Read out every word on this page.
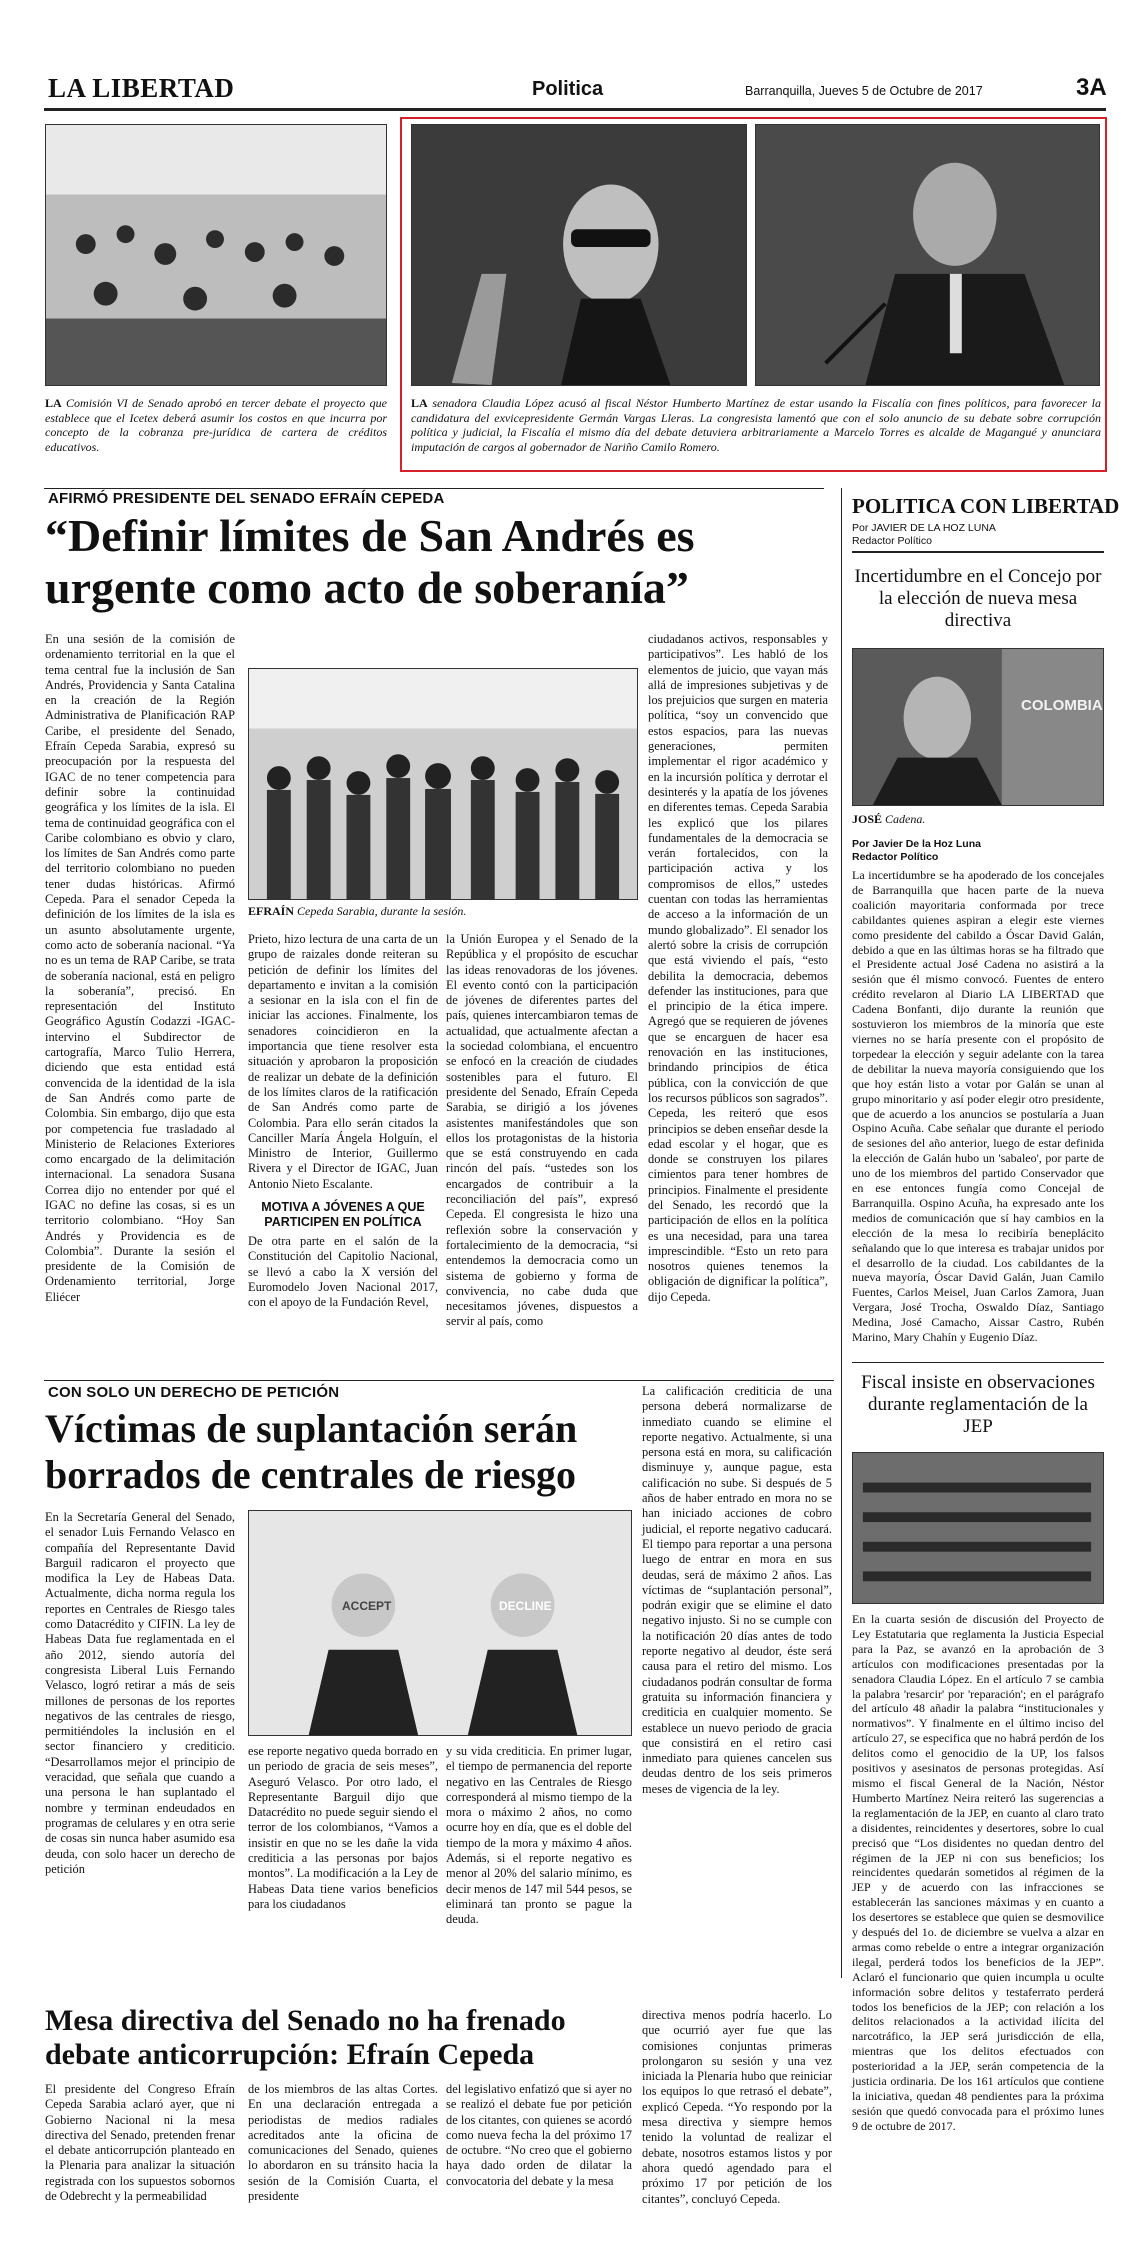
LA LIBERTAD	Politica	Barranquilla, Jueves 5 de Octubre de 2017	3A
LA Comisión VI de Senado aprobó en tercer debate el proyecto que establece que el Icetex deberá asumir los costos en que incurra por concepto de la cobranza pre-jurídica de cartera de créditos educativos.
LA senadora Claudia López acusó al fiscal Néstor Humberto Martínez de estar usando la Fiscalía con fines políticos, para favorecer la candidatura del exvicepresidente Germán Vargas Lleras. La congresista lamentó que con el solo anuncio de su debate sobre corrupción política y judicial, la Fiscalía el mismo día del debate detuviera arbitrariamente a Marcelo Torres es alcalde de Magangué y anunciara imputación de cargos al gobernador de Nariño Camilo Romero.
AFIRMÓ PRESIDENTE DEL SENADO EFRAÍN CEPEDA
“Definir límites de San Andrés es urgente como acto de soberanía”
En una sesión de la comisión de ordenamiento territorial en la que el tema central fue la inclusión de San Andrés, Providencia y Santa Catalina en la creación de la Región Administrativa de Planificación RAP Caribe, el presidente del Senado, Efraín Cepeda Sarabia, expresó su preocupación por la respuesta del IGAC de no tener competencia para definir sobre la continuidad geográfica y los límites de la isla. El tema de continuidad geográfica con el Caribe colombiano es obvio y claro, los límites de San Andrés como parte del territorio colombiano no pueden tener dudas históricas. Afirmó Cepeda. Para el senador Cepeda la definición de los límites de la isla es un asunto absolutamente urgente, como acto de soberanía nacional. “Ya no es un tema de RAP Caribe, se trata de soberanía nacional, está en peligro la soberanía”, precisó. En representación del Instituto Geográfico Agustín Codazzi -IGAC- intervino el Subdirector de cartografía, Marco Tulio Herrera, diciendo que esta entidad está convencida de la identidad de la isla de San Andrés como parte de Colombia. Sin embargo, dijo que esta por competencia fue trasladado al Ministerio de Relaciones Exteriores como encargado de la delimitación internacional. La senadora Susana Correa dijo no entender por qué el IGAC no define las cosas, si es un territorio colombiano. “Hoy San Andrés y Providencia es de Colombia”. Durante la sesión el presidente de la Comisión de Ordenamiento territorial, Jorge Eliécer
EFRAÍN Cepeda Sarabia, durante la sesión.

Prieto, hizo lectura de una carta de un grupo de raizales donde reiteran su petición de definir los límites del departamento e invitan a la comisión a sesionar en la isla con el fin de iniciar las acciones. Finalmente, los senadores coincidieron en la importancia que tiene resolver esta situación y aprobaron la proposición de realizar un debate de la definición de los límites claros de la ratificación de San Andrés como parte de Colombia. Para ello serán citados la Canciller María Ángela Holguín, el Ministro de Interior, Guillermo Rivera y el Director de IGAC, Juan Antonio Nieto Escalante.

MOTIVA A JÓVENES A QUE PARTICIPEN EN POLÍTICA

De otra parte en el salón de la Constitución del Capitolio Nacional, se llevó a cabo la X versión del Euromodelo Joven Nacional 2017, con el apoyo de la Fundación Revel,

la Unión Europea y el Senado de la República y el propósito de escuchar las ideas renovadoras de los jóvenes. El evento contó con la participación de jóvenes de diferentes partes del país, quienes intercambiaron temas de actualidad, que actualmente afectan a la sociedad colombiana, el encuentro se enfocó en la creación de ciudades sostenibles para el futuro. El presidente del Senado, Efraín Cepeda Sarabia, se dirigió a los jóvenes asistentes manifestándoles que son ellos los protagonistas de la historia que se está construyendo en cada rincón del país. “ustedes son los encargados de contribuir a la reconciliación del país”, expresó Cepeda. El congresista le hizo una reflexión sobre la conservación y fortalecimiento de la democracia, “si entendemos la democracia como un sistema de gobierno y forma de convivencia, no cabe duda que necesitamos jóvenes, dispuestos a servir al país, como
ciudadanos activos, responsables y participativos”. Les habló de los elementos de juicio, que vayan más allá de impresiones subjetivas y de los prejuicios que surgen en materia política, “soy un convencido que estos espacios, para las nuevas generaciones, permiten implementar el rigor académico y en la incursión política y derrotar el desinterés y la apatía de los jóvenes en diferentes temas. Cepeda Sarabia les explicó que los pilares fundamentales de la democracia se verán fortalecidos, con la participación activa y los compromisos de ellos,” ustedes cuentan con todas las herramientas de acceso a la información de un mundo globalizado”. El senador los alertó sobre la crisis de corrupción que está viviendo el país, “esto debilita la democracia, debemos defender las instituciones, para que el principio de la ética impere. Agregó que se requieren de jóvenes que se encarguen de hacer esa renovación en las instituciones, brindando principios de ética pública, con la convicción de que los recursos públicos son sagrados”. Cepeda, les reiteró que esos principios se deben enseñar desde la edad escolar y el hogar, que es donde se construyen los pilares cimientos para tener hombres de principios. Finalmente el presidente del Senado, les recordó que la participación de ellos en la política es una necesidad, para una tarea imprescindible. “Esto un reto para nosotros quienes tenemos la obligación de dignificar la política”, dijo Cepeda.
POLITICA CON LIBERTAD
Por JAVIER DE LA HOZ LUNA
Redactor Político
Incertidumbre en el Concejo por la elección de nueva mesa directiva
COLOMBIA
JOSÉ Cadena.
Por Javier De la Hoz Luna
Redactor Político
La incertidumbre se ha apoderado de los concejales de Barranquilla que hacen parte de la nueva coalición mayoritaria conformada por trece cabildantes quienes aspiran a elegir este viernes como presidente del cabildo a Óscar David Galán, debido a que en las últimas horas se ha filtrado que el Presidente actual José Cadena no asistirá a la sesión que él mismo convocó. Fuentes de entero crédito revelaron al Diario LA LIBERTAD que Cadena Bonfanti, dijo durante la reunión que sostuvieron los miembros de la minoría que este viernes no se haría presente con el propósito de torpedear la elección y seguir adelante con la tarea de debilitar la nueva mayoría consiguiendo que los que hoy están listo a votar por Galán se unan al grupo minoritario y así poder elegir otro presidente, que de acuerdo a los anuncios se postularía a Juan Ospino Acuña. Cabe señalar que durante el periodo de sesiones del año anterior, luego de estar definida la elección de Galán hubo un 'sabaleo', por parte de uno de los miembros del partido Conservador que en ese entonces fungía como Concejal de Barranquilla. Ospino Acuña, ha expresado ante los medios de comunicación que sí hay cambios en la elección de la mesa lo recibiría beneplácito señalando que lo que interesa es trabajar unidos por el desarrollo de la ciudad. Los cabildantes de la nueva mayoría, Óscar David Galán, Juan Camilo Fuentes, Carlos Meisel, Juan Carlos Zamora, Juan Vergara, José Trocha, Oswaldo Díaz, Santiago Medina, José Camacho, Aissar Castro, Rubén Marino, Mary Chahín y Eugenio Díaz.
Fiscal insiste en observaciones durante reglamentación de la JEP
En la cuarta sesión de discusión del Proyecto de Ley Estatutaria que reglamenta la Justicia Especial para la Paz, se avanzó en la aprobación de 3 artículos con modificaciones presentadas por la senadora Claudia López. En el artículo 7 se cambia la palabra 'resarcir' por 'reparación'; en el parágrafo del artículo 48 añadir la palabra “institucionales y normativos”. Y finalmente en el último inciso del artículo 27, se especifica que no habrá perdón de los delitos como el genocidio de la UP, los falsos positivos y asesinatos de personas protegidas. Así mismo el fiscal General de la Nación, Néstor Humberto Martínez Neira reiteró las sugerencias a la reglamentación de la JEP, en cuanto al claro trato a disidentes, reincidentes y desertores, sobre lo cual precisó que “Los disidentes no quedan dentro del régimen de la JEP ni con sus beneficios; los reincidentes quedarán sometidos al régimen de la JEP y de acuerdo con las infracciones se establecerán las sanciones máximas y en cuanto a los desertores se establece que quien se desmovilice y después del 1o. de diciembre se vuelva a alzar en armas como rebelde o entre a integrar organización ilegal, perderá todos los beneficios de la JEP”. Aclaró el funcionario que quien incumpla u oculte información sobre delitos y testaferrato perderá todos los beneficios de la JEP; con relación a los delitos relacionados a la actividad ilícita del narcotráfico, la JEP será jurisdicción de ella, mientras que los delitos efectuados con posterioridad a la JEP, serán competencia de la justicia ordinaria. De los 161 artículos que contiene la iniciativa, quedan 48 pendientes para la próxima sesión que quedó convocada para el próximo lunes 9 de octubre de 2017.
CON SOLO UN DERECHO DE PETICIÓN
Víctimas de suplantación serán borrados de centrales de riesgo
En la Secretaría General del Senado, el senador Luis Fernando Velasco en compañía del Representante David Barguil radicaron el proyecto que modifica la Ley de Habeas Data. Actualmente, dicha norma regula los reportes en Centrales de Riesgo tales como Datacrédito y CIFIN. La ley de Habeas Data fue reglamentada en el año 2012, siendo autoría del congresista Liberal Luis Fernando Velasco, logró retirar a más de seis millones de personas de los reportes negativos de las centrales de riesgo, permitiéndoles la inclusión en el sector financiero y crediticio. “Desarrollamos mejor el principio de veracidad, que señala que cuando a una persona le han suplantado el nombre y terminan endeudados en programas de celulares y en otra serie de cosas sin nunca haber asumido esa deuda, con solo hacer un derecho de petición
ACCEPT	DECLINE
ese reporte negativo queda borrado en un periodo de gracia de seis meses”, Aseguró Velasco. Por otro lado, el Representante Barguil dijo que Datacrédito no puede seguir siendo el terror de los colombianos, “Vamos a insistir en que no se les dañe la vida crediticia a las personas por bajos montos”. La modificación a la Ley de Habeas Data tiene varios beneficios para los ciudadanos
y su vida crediticia. En primer lugar, el tiempo de permanencia del reporte negativo en las Centrales de Riesgo corresponderá al mismo tiempo de la mora o máximo 2 años, no como ocurre hoy en día, que es el doble del tiempo de la mora y máximo 4 años. Además, si el reporte negativo es menor al 20% del salario mínimo, es decir menos de 147 mil 544 pesos, se eliminará tan pronto se pague la deuda.
La calificación crediticia de una persona deberá normalizarse de inmediato cuando se elimine el reporte negativo. Actualmente, si una persona está en mora, su calificación disminuye y, aunque pague, esta calificación no sube. Si después de 5 años de haber entrado en mora no se han iniciado acciones de cobro judicial, el reporte negativo caducará. El tiempo para reportar a una persona luego de entrar en mora en sus deudas, será de máximo 2 años. Las víctimas de “suplantación personal”, podrán exigir que se elimine el dato negativo injusto. Si no se cumple con la notificación 20 días antes de todo reporte negativo al deudor, éste será causa para el retiro del mismo. Los ciudadanos podrán consultar de forma gratuita su información financiera y crediticia en cualquier momento. Se establece un nuevo periodo de gracia que consistirá en el retiro casi inmediato para quienes cancelen sus deudas dentro de los seis primeros meses de vigencia de la ley.
Mesa directiva del Senado no ha frenado debate anticorrupción: Efraín Cepeda
El presidente del Congreso Efraín Cepeda Sarabia aclaró ayer, que ni Gobierno Nacional ni la mesa directiva del Senado, pretenden frenar el debate anticorrupción planteado en la Plenaria para analizar la situación registrada con los supuestos sobornos de Odebrecht y la permeabilidad
de los miembros de las altas Cortes. En una declaración entregada a periodistas de medios radiales acreditados ante la oficina de comunicaciones del Senado, quienes lo abordaron en su tránsito hacia la sesión de la Comisión Cuarta, el presidente
del legislativo enfatizó que si ayer no se realizó el debate fue por petición de los citantes, con quienes se acordó como nueva fecha la del próximo 17 de octubre. “No creo que el gobierno haya dado orden de dilatar la convocatoria del debate y la mesa
directiva menos podría hacerlo. Lo que ocurrió ayer fue que las comisiones conjuntas primeras prolongaron su sesión y una vez iniciada la Plenaria hubo que reiniciar los equipos lo que retrasó el debate”, explicó Cepeda. “Yo respondo por la mesa directiva y siempre hemos tenido la voluntad de realizar el debate, nosotros estamos listos y por ahora quedó agendado para el próximo 17 por petición de los citantes”, concluyó Cepeda.
